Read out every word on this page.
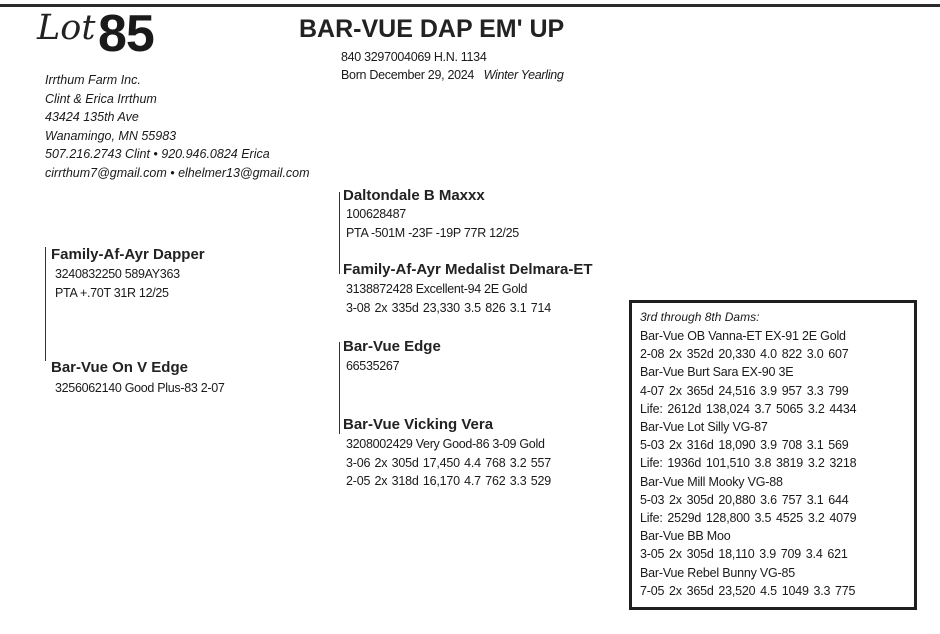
Lot 85	BAR-VUE DAP EM' UP
840 3297004069 H.N. 1134
Born December 29, 2024 Winter Yearling
Irrthum Farm Inc.
Clint & Erica Irrthum
43424 135th Ave
Wanamingo, MN 55983
507.216.2743 Clint • 920.946.0824 Erica
cirrthum7@gmail.com • elhelmer13@gmail.com
Family-Af-Ayr Dapper
3240832250 589AY363
PTA +.70T 31R 12/25
Bar-Vue On V Edge
3256062140 Good Plus-83 2-07
Daltondale B Maxxx
100628487
PTA -501M -23F -19P 77R 12/25
Family-Af-Ayr Medalist Delmara-ET
3138872428 Excellent-94 2E Gold
3-08 2x 335d 23,330 3.5 826 3.1 714
Bar-Vue Edge
66535267
Bar-Vue Vicking Vera
3208002429 Very Good-86 3-09 Gold
3-06 2x 305d 17,450 4.4 768 3.2 557
2-05 2x 318d 16,170 4.7 762 3.3 529
3rd through 8th Dams:
Bar-Vue OB Vanna-ET EX-91 2E Gold
2-08 2x 352d 20,330 4.0 822 3.0 607
Bar-Vue Burt Sara EX-90 3E
4-07 2x 365d 24,516 3.9 957 3.3 799
Life: 2612d 138,024 3.7 5065 3.2 4434
Bar-Vue Lot Silly VG-87
5-03 2x 316d 18,090 3.9 708 3.1 569
Life: 1936d 101,510 3.8 3819 3.2 3218
Bar-Vue Mill Mooky VG-88
5-03 2x 305d 20,880 3.6 757 3.1 644
Life: 2529d 128,800 3.5 4525 3.2 4079
Bar-Vue BB Moo
3-05 2x 305d 18,110 3.9 709 3.4 621
Bar-Vue Rebel Bunny VG-85
7-05 2x 365d 23,520 4.5 1049 3.3 775
